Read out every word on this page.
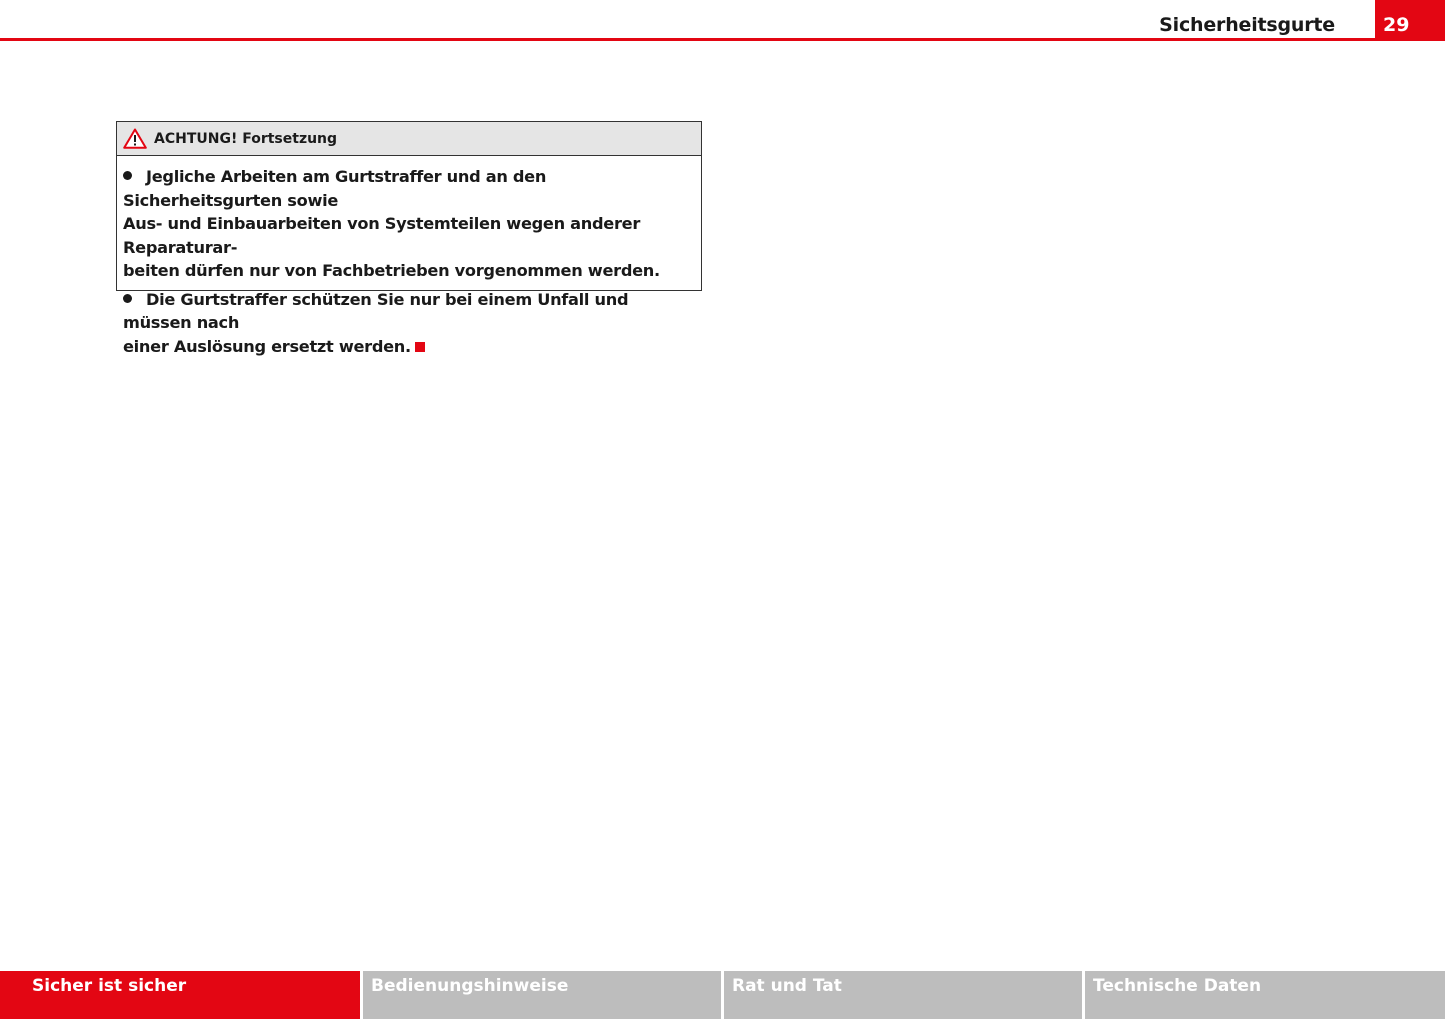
Sicherheitsgurte	29
ACHTUNG! Fortsetzung
Jegliche Arbeiten am Gurtstraffer und an den Sicherheitsgurten sowie
Aus- und Einbauarbeiten von Systemteilen wegen anderer Reparaturar-
beiten dürfen nur von Fachbetrieben vorgenommen werden.
Die Gurtstraffer schützen Sie nur bei einem Unfall und müssen nach
einer Auslösung ersetzt werden.
Sicher ist sicher	Bedienungshinweise	Rat und Tat	Technische Daten
